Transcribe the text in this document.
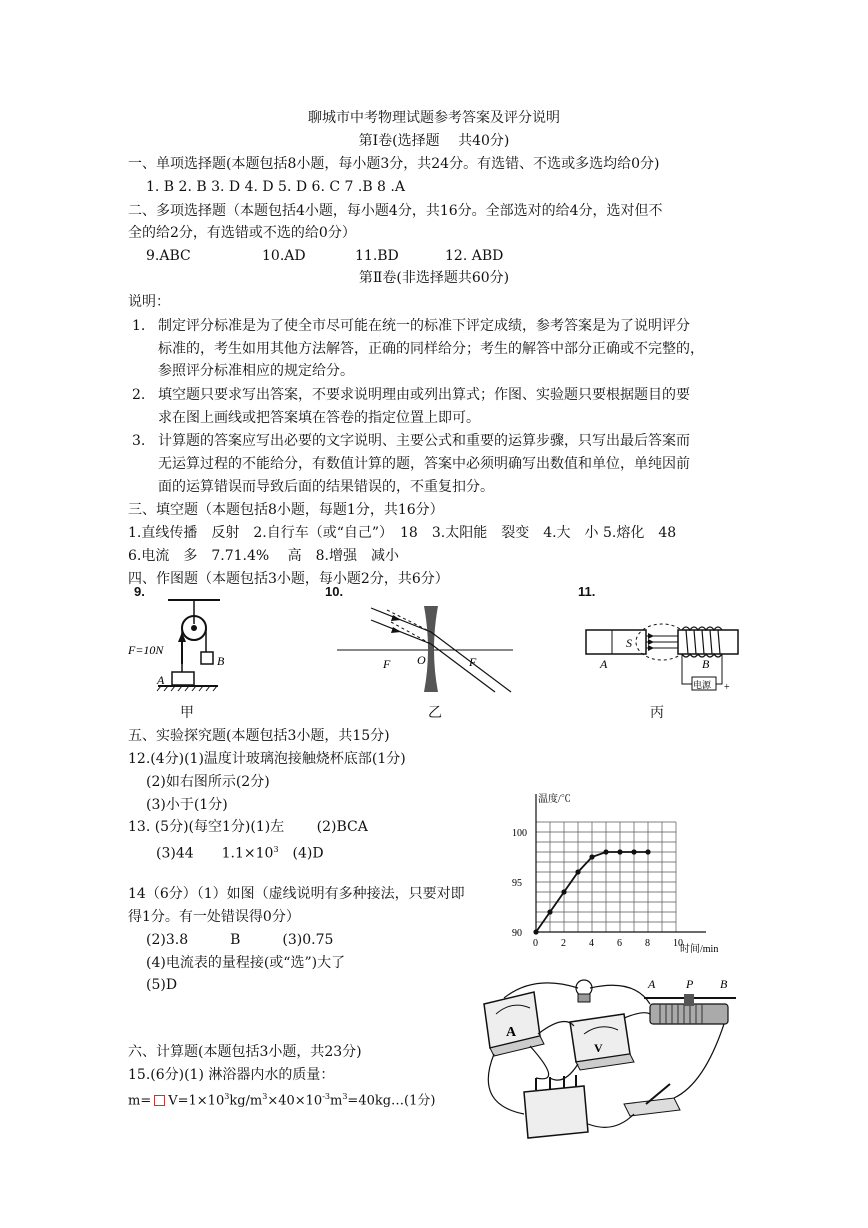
聊城市中考物理试题参考答案及评分说明
第Ⅰ卷(选择题　 共40分)
一、单项选择题(本题包括8小题，每小题3分，共24分。有选错、不选或多选均给0分)
1. B 2. B 3. D 4. D 5. D 6. C 7 .B 8 .A
二、多项选择题（本题包括4小题，每小题4分，共16分。全部选对的给4分，选对但不
全的给2分，有选错或不选的给0分）
9.ABC	10.AD	11.BD	12. ABD
第Ⅱ卷(非选择题共60分)
说明：
1. 制定评分标准是为了使全市尽可能在统一的标准下评定成绩，参考答案是为了说明评分
标准的，考生如用其他方法解答，正确的同样给分；考生的解答中部分正确或不完整的，
参照评分标准相应的规定给分。
2. 填空题只要求写出答案，不要求说明理由或列出算式；作图、实验题只要根据题目的要
求在图上画线或把答案填在答卷的指定位置上即可。
3. 计算题的答案应写出必要的文字说明、主要公式和重要的运算步骤，只写出最后答案而
无运算过程的不能给分，有数值计算的题，答案中必须明确写出数值和单位，单纯因前
面的运算错误而导致后面的结果错误的，不重复扣分。
三、填空题（本题包括8小题，每题1分，共16分）
1.直线传播　反射　2.自行车（或“自己”）　18　3.太阳能　裂变　4.大　小 5.熔化　48
6.电流　多　7.71.4%　 高　8.增强　减小
四、作图题（本题包括3小题，每小题2分，共6分）
9.
F=10N
A
B
甲
10.
F O	F
乙
11.
S
A	B
电源 +
丙
五、实验探究题(本题包括3小题，共15分)
12.(4分)(1)温度计玻璃泡接触烧杯底部(1分)
(2)如右图所示(2分)
(3)小于(1分)
13. (5分)(每空1分)(1)左　　 (2)BCA
(3)44　　$1.1\times 10^3$　(4)D
14（6分）（1）如图（虚线说明有多种接法，只要对即
得1分。有一处错误得0分）
(2)3.8　　　B　　　(3)0.75
(4)电流表的量程接(或“选”)大了
(5)D
0 2 4 6 8 10
100
95
90
温度/℃
时间/min
六、计算题(本题包括3小题，共23分)
15.(6分)(1) 淋浴器内水的质量：
$m= V=1\times 10^3kg/m^3\times 40\times 10^{-3}m^3=40kg\dots(1$分)
A
V
A	P B
